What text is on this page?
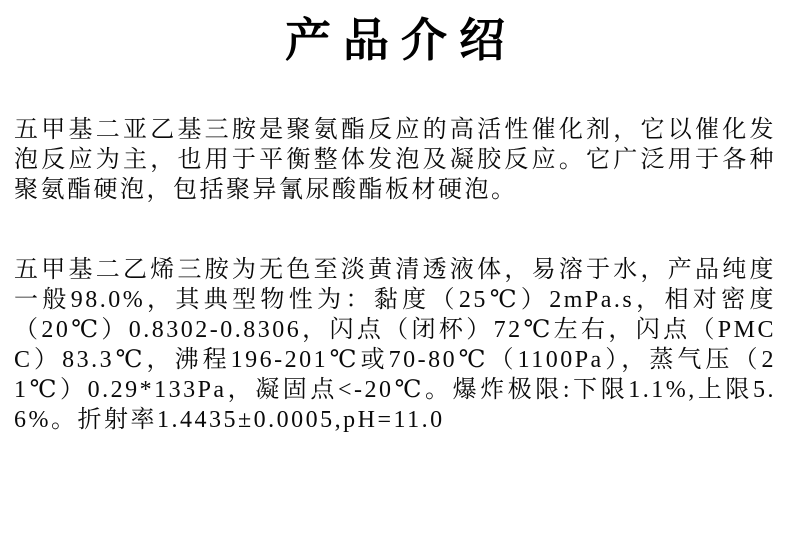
产品介绍

五甲基二亚乙基三胺是聚氨酯反应的高活性催化剂，它以催化发泡反应为主，也用于平衡整体发泡及凝胶反应。它广泛用于各种聚氨酯硬泡，包括聚异氰尿酸酯板材硬泡。

五甲基二乙烯三胺为无色至淡黄清透液体，易溶于水，产品纯度一般98.0%，其典型物性为：黏度（25℃）2mPa.s，相对密度（20℃）0.8302-0.8306，闪点（闭杯）72℃左右，闪点（PMCC）83.3℃，沸程196-201℃或70-80℃（1100Pa），蒸气压（21℃）0.29*133Pa，凝固点<-20℃。爆炸极限:下限1.1%,上限5.6%。折射率1.4435±0.0005,pH=11.0
